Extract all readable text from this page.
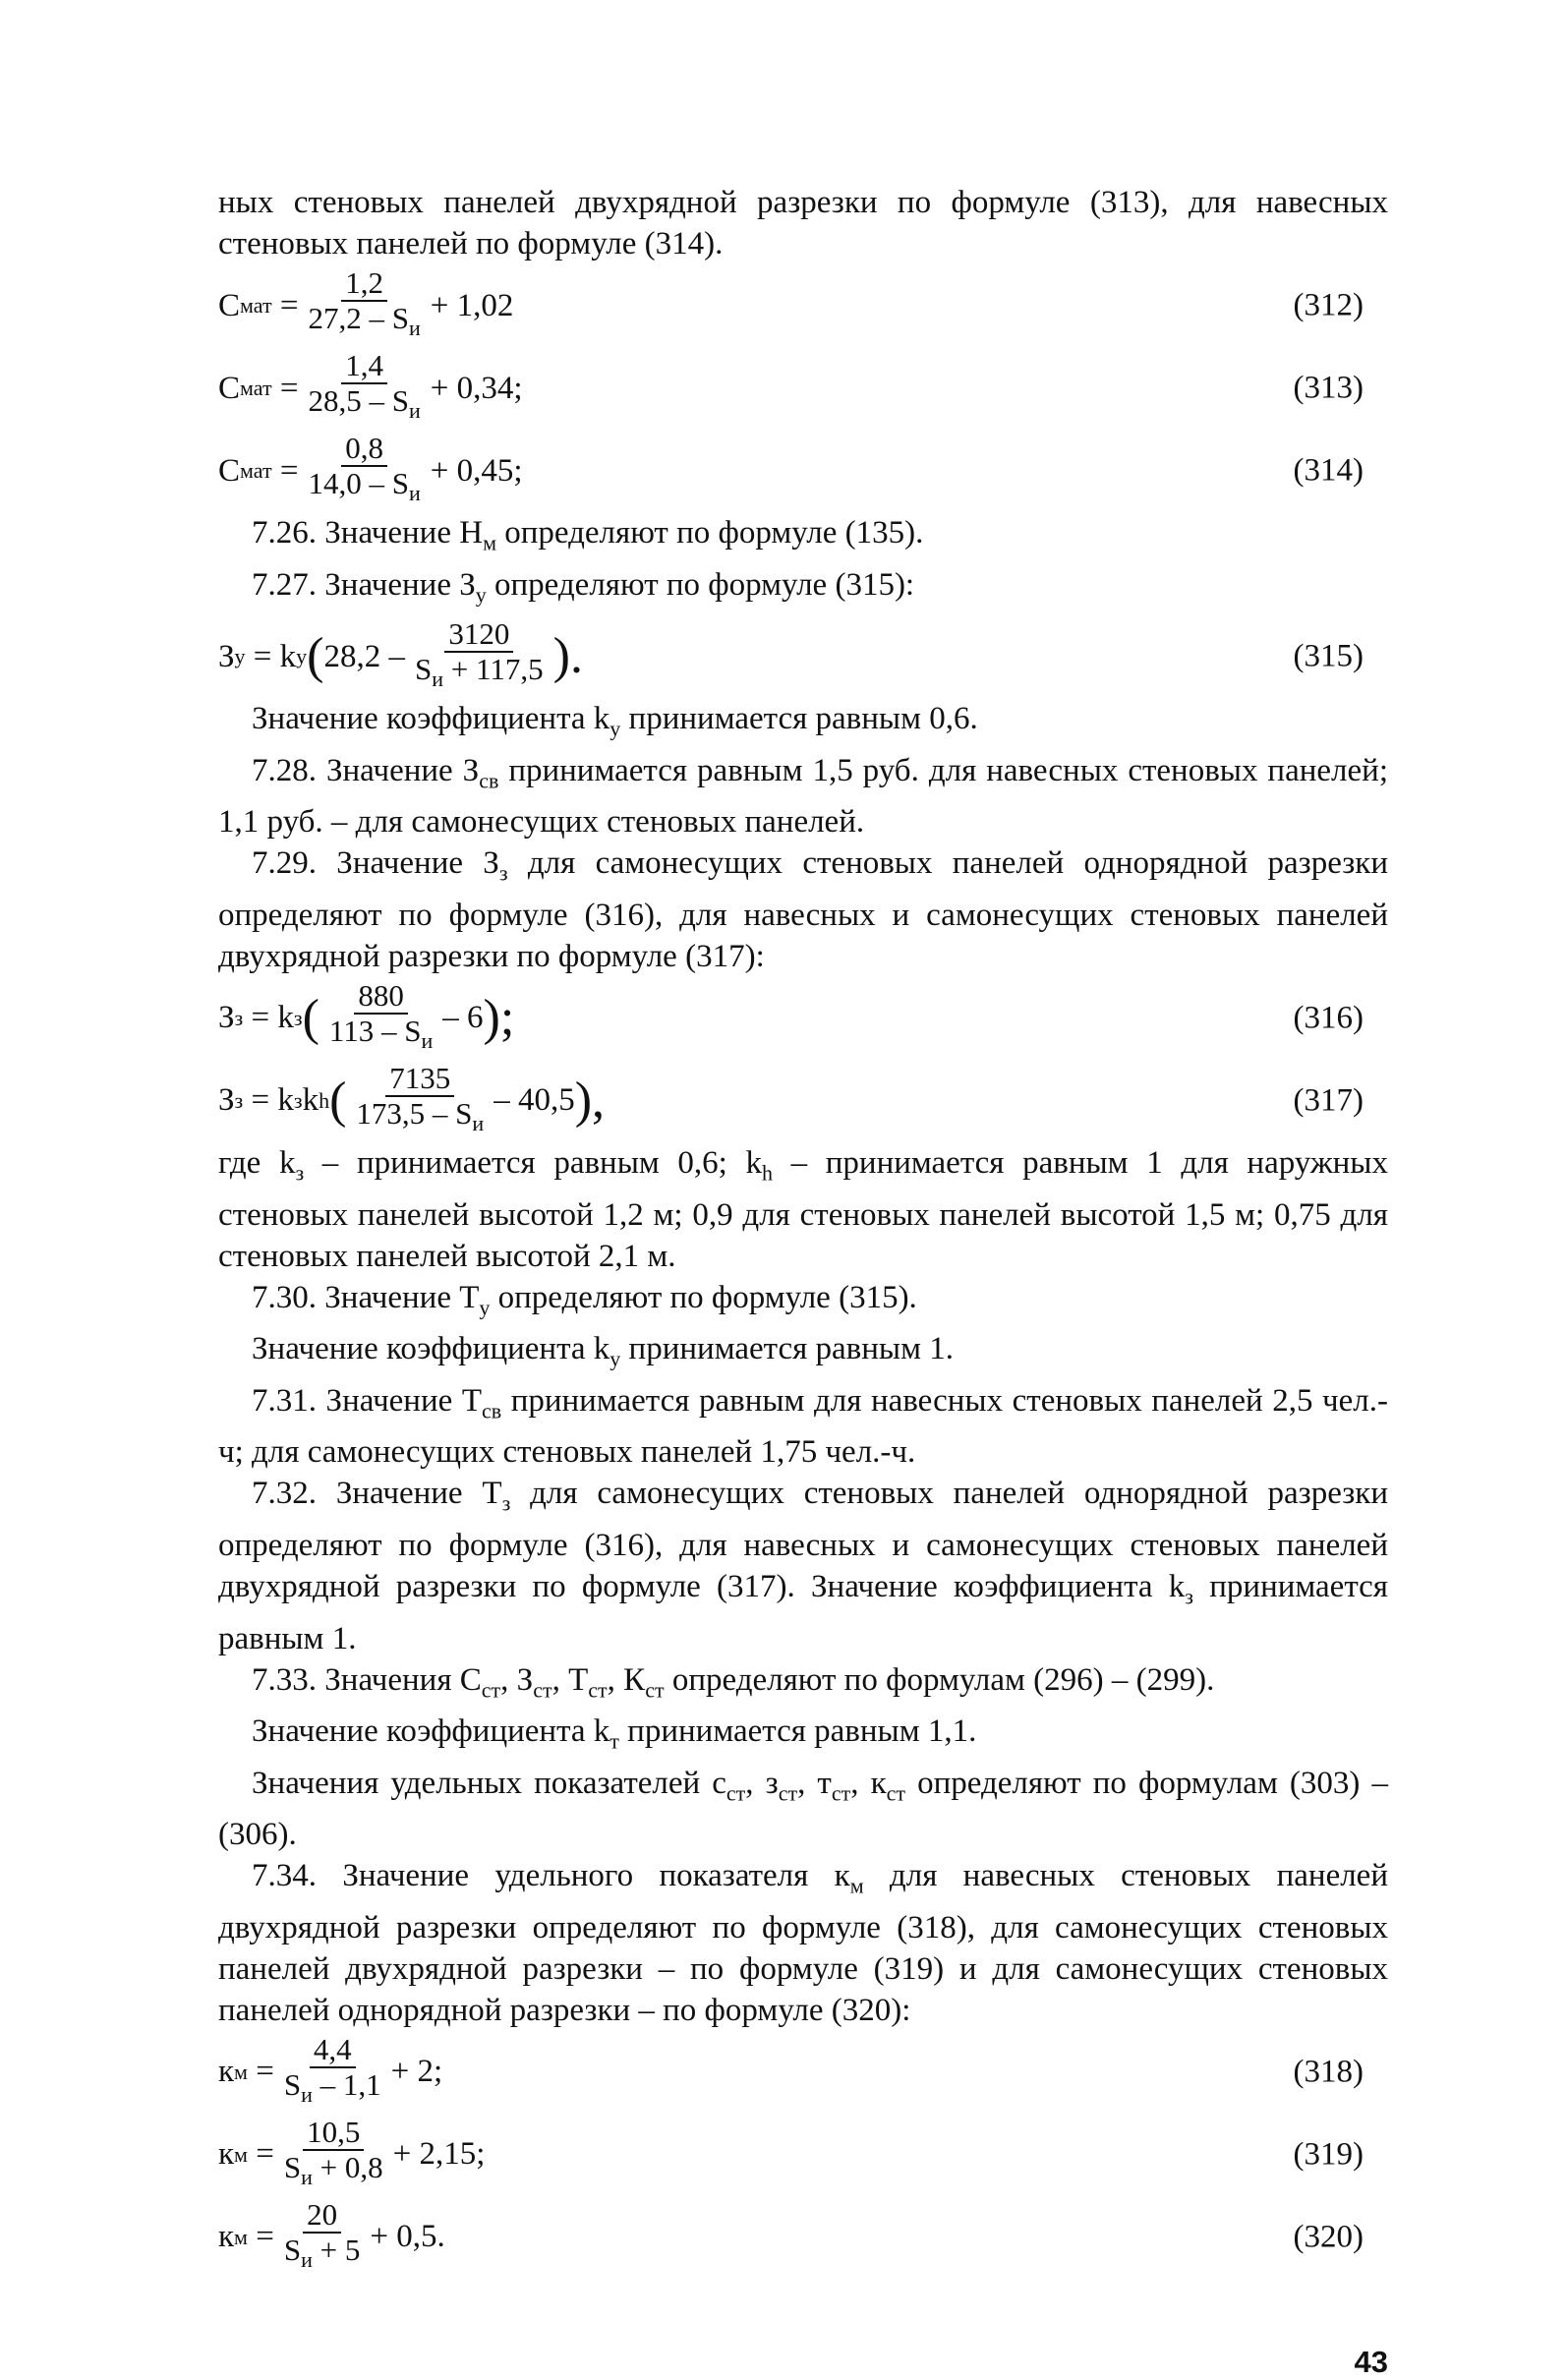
ных стеновых панелей двухрядной разрезки по формуле (313), для навесных стеновых панелей по формуле (314).

С мат
= $\frac{1,2}{27,2 - S_и} + 1,02$	(312)
С мат
= $\frac{1,4}{28,5 - S_и} + 0,34$;	(313)
С мат
= $\frac{0,8}{14,0 - S_и} + 0,45$;	(314)

7.26. Значение $Н_м$ определяют по формуле (135).

7.27. Значение $З_у$ определяют по формуле (315):

З у
= k у ( $28,2 - \frac{3120}{S_и + 117,5}$ ).	(315)

Значение коэффициента $k_у$ принимается равным 0,6.

7.28. Значение $З_{св}$ принимается равным 1,5 руб. для навесных стеновых панелей; 1,1 руб. – для самонесущих стеновых панелей.

7.29. Значение $З_з$ для самонесущих стеновых панелей однорядной разрезки определяют по формуле (316), для навесных и самонесущих стеновых панелей двухрядной разрезки по формуле (317):

З з
= k з ( $\frac{880}{113 - S_и} - 6$ );	(316)
З з
= k з k h ( $\frac{7135}{173,5 - S_и} - 40,5$ ),	(317)

где $k_з$ – принимается равным 0,6; $k_h$ – принимается равным 1 для наружных стеновых панелей высотой 1,2 м; 0,9 для стеновых панелей высотой 1,5 м; 0,75 для стеновых панелей высотой 2,1 м.

7.30. Значение $Т_у$ определяют по формуле (315).

Значение коэффициента $k_у$ принимается равным 1.

7.31. Значение $Т_{св}$ принимается равным для навесных стеновых панелей 2,5 чел.-ч; для самонесущих стеновых панелей 1,75 чел.-ч.

7.32. Значение $Т_з$ для самонесущих стеновых панелей однорядной разрезки определяют по формуле (316), для навесных и самонесущих стеновых панелей двухрядной разрезки по формуле (317). Значение коэффициента $k_з$ принимается равным 1.

7.33. Значения $С_{ст}$, $З_{ст}$, $Т_{ст}$, $К_{ст}$ определяют по формулам (296) – (299).

Значение коэффициента $k_т$ принимается равным 1,1.

Значения удельных показателей $с_{ст}$, $з_{ст}$, $т_{ст}$, $к_{ст}$ определяют по формулам (303) – (306).

7.34. Значение удельного показателя $к_м$ для навесных стеновых панелей двухрядной разрезки определяют по формуле (318), для самонесущих стеновых панелей двухрядной разрезки – по формуле (319) и для самонесущих стеновых панелей однорядной разрезки – по формуле (320):

к м
= $\frac{4,4}{S_и - 1,1} + 2$;	(318)
к м
= $\frac{10,5}{S_и + 0,8} + 2,15$;	(319)
к м
= $\frac{20}{S_и + 5} + 0,5$.	(320)
43
